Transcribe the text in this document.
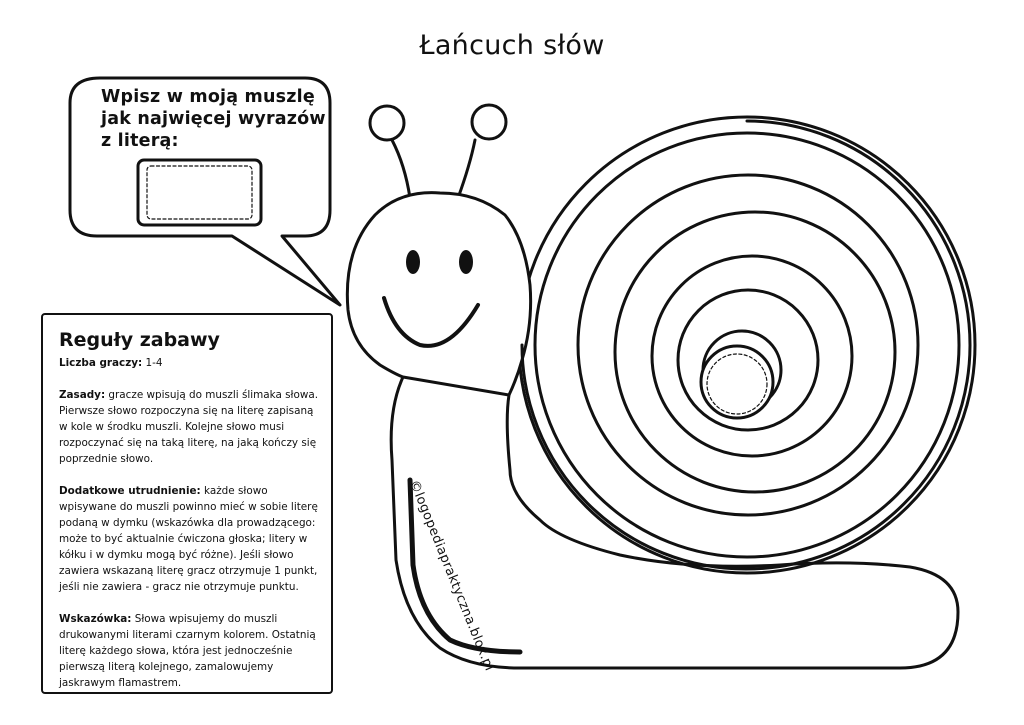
Łańcuch słów
Wpisz w moją muszlę
jak najwięcej wyrazów
z literą:
Reguły zabawy

Liczba graczy: 1-4

Zasady: gracze wpisują do muszli ślimaka słowa. Pierwsze słowo rozpoczyna się na literę zapisaną w kole w środku muszli. Kolejne słowo musi rozpoczynać się na taką literę, na jaką kończy się poprzednie słowo.

Dodatkowe utrudnienie: każde słowo wpisywane do muszli powinno mieć w sobie literę podaną w dymku (wskazówka dla prowadzącego: może to być aktualnie ćwiczona głoska; litery w kółku i w dymku mogą być różne). Jeśli słowo zawiera wskazaną literę gracz otrzymuje 1 punkt, jeśli nie zawiera - gracz nie otrzymuje punktu.

Wskazówka: Słowa wpisujemy do muszli drukowanymi literami czarnym kolorem. Ostatnią literę każdego słowa, która jest jednocześnie pierwszą literą kolejnego, zamalowujemy jaskrawym flamastrem.

©logopediapraktyczna.blox.pl
